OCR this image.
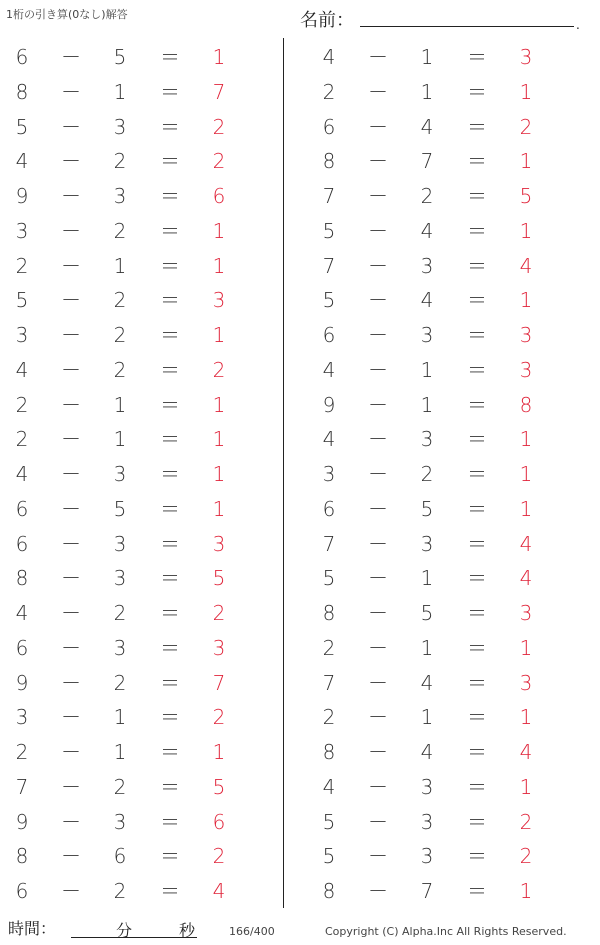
1桁の引き算(0なし)解答	名前：	.
6 － 5 ＝ 1
8 － 1 ＝ 7
5 － 3 ＝ 2
4 － 2 ＝ 2
9 － 3 ＝ 6
3 － 2 ＝ 1
2 － 1 ＝ 1
5 － 2 ＝ 3
3 － 2 ＝ 1
4 － 2 ＝ 2
2 － 1 ＝ 1
2 － 1 ＝ 1
4 － 3 ＝ 1
6 － 5 ＝ 1
6 － 3 ＝ 3
8 － 3 ＝ 5
4 － 2 ＝ 2
6 － 3 ＝ 3
9 － 2 ＝ 7
3 － 1 ＝ 2
2 － 1 ＝ 1
7 － 2 ＝ 5
9 － 3 ＝ 6
8 － 6 ＝ 2
6 － 2 ＝ 4
4 － 1 ＝ 3
2 － 1 ＝ 1
6 － 4 ＝ 2
8 － 7 ＝ 1
7 － 2 ＝ 5
5 － 4 ＝ 1
7 － 3 ＝ 4
5 － 4 ＝ 1
6 － 3 ＝ 3
4 － 1 ＝ 3
9 － 1 ＝ 8
4 － 3 ＝ 1
3 － 2 ＝ 1
6 － 5 ＝ 1
7 － 3 ＝ 4
5 － 1 ＝ 4
8 － 5 ＝ 3
2 － 1 ＝ 1
7 － 4 ＝ 3
2 － 1 ＝ 1
8 － 4 ＝ 4
4 － 3 ＝ 1
5 － 3 ＝ 2
5 － 3 ＝ 2
8 － 7 ＝ 1
時間：	分	秒	166/400	Copyright (C) Alpha.Inc All Rights Reserved.
